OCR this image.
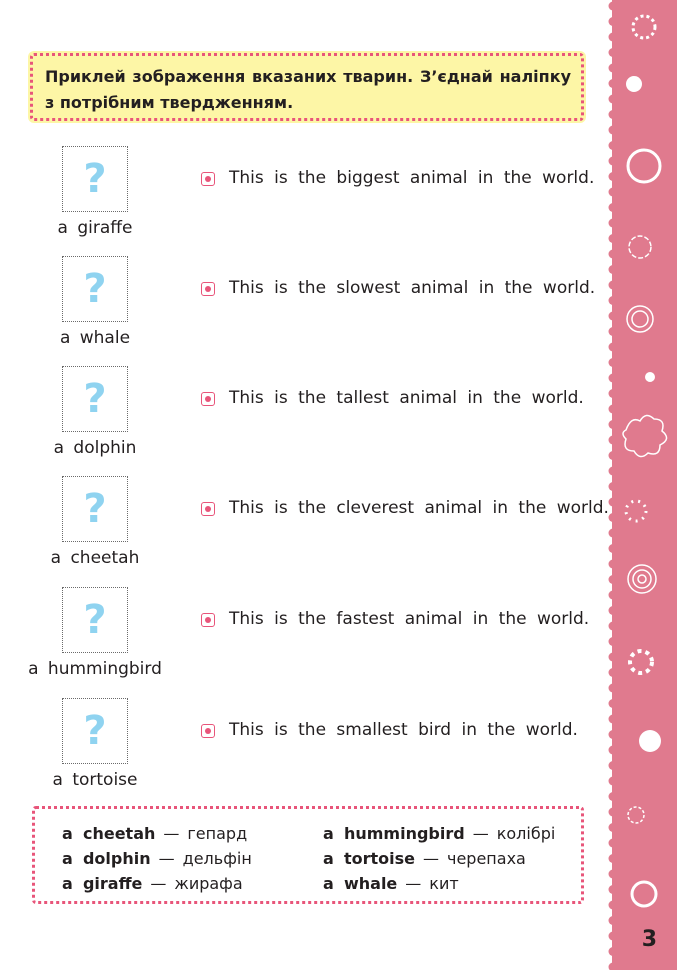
3
Приклей зображення вказаних тварин. З’єднай наліпку з потрібним твердженням.
?
a giraffe
This is the biggest animal in the world.
?
a whale
This is the slowest animal in the world.
?
a dolphin
This is the tallest animal in the world.
?
a cheetah
This is the cleverest animal in the world.
?
a hummingbird
This is the fastest animal in the world.
?
a tortoise
This is the smallest bird in the world.
a cheetah — гепард
a dolphin — дельфін
a giraffe — жирафа
a hummingbird — колібрі
a tortoise — черепаха
a whale — кит
